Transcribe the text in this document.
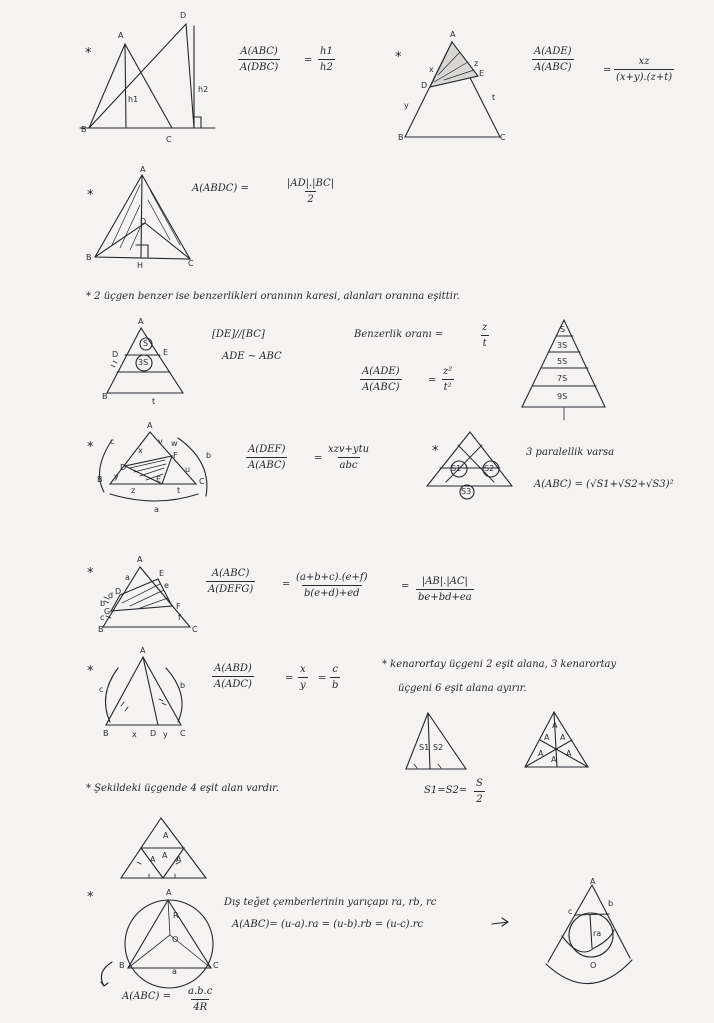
*
A
D
B
C
h1
h2
A(ABC)
A(DBC)
= $\frac{h1}{h2}$	*
A
D
E
B	C
x
y
z
t
A(ADE)
A(ABC)	= $\frac{xz}{(x+y).(z+t)}$
*
A
B
C
H
D
A(ABDC) =	$\frac{|AD|.|BC|}{2}$
* 2 üçgen benzer ise benzerlikleri oranının karesi, alanları oranına eşittir.
A
D	E
B
t
S
3S
[DE]//[BC]
ADE ~ ABC
Benzerlik oranı =	$\frac{z}{t}$
A(ADE)
A(ABC)
= $\frac{\text{z²}}{\text{t²}}$
S
3S
5S
7S
9S
*
A
B	C
D
E
F
x
y
z	t
u
v w
a
b
c
A(DEF)
A(ABC)
=
xzv+ytu
abc
*
S1	S2
S3
3 paralellik varsa
A(ABC) = (√S1+√S2+√S3)²
*
A
B	C
D
E
F
G
a
b
c
d
e
f
A(ABC)
A(DEFG)	= $\frac{(a+b+c).(e+f)}{b(e+d)+ed}$	= $\frac{|AB|.|AC|}{be+bd+ea}$
*
A
B	C
D
x	y
c	b
A(ABD)
A(ADC)
= $\frac{x}{y} = \frac{c}{b}$	* kenarortay üçgeni 2 eşit alana, 3 kenarortay
üçgeni 6 eşit alana ayırır.
S1 S2
A A
A
A
A
A
$S1=S2= \frac{S}{2}$
* Şekildeki üçgende 4 eşit alan vardır.
A
A A A
*	A
B	C
R
O
a
$A(ABC) = \frac{a.b.c}{4R}$
Dış teğet çemberlerinin yarıçapı ra, rb, rc
A(ABC)= (u-a).ra = (u-b).rb = (u-c).rc
A
c
b
ra
O
